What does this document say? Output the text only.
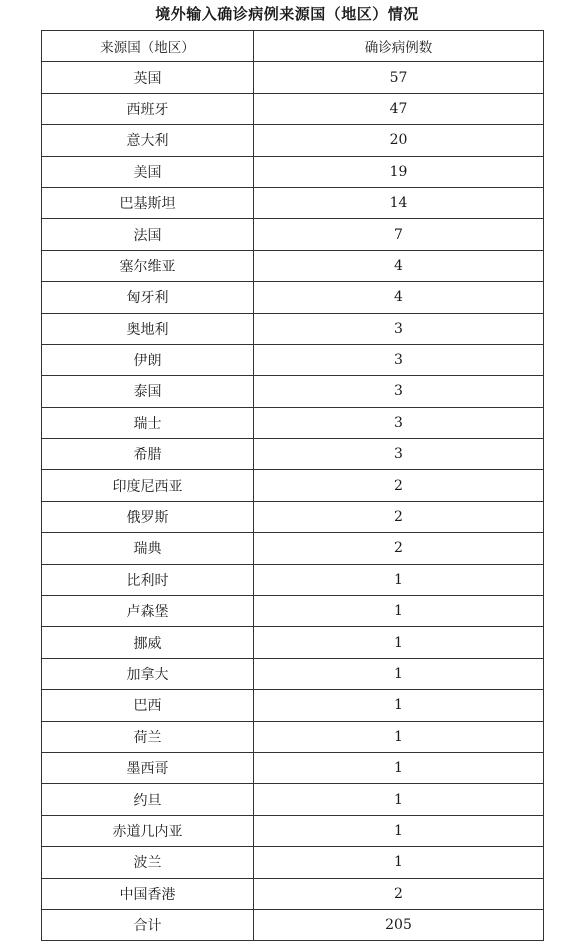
境外输入确诊病例来源国（地区）情况
来源国（地区）	确诊病例数
英国	57
西班牙	47
意大利	20
美国	19
巴基斯坦	14
法国	7
塞尔维亚	4
匈牙利	4
奥地利	3
伊朗	3
泰国	3
瑞士	3
希腊	3
印度尼西亚	2
俄罗斯	2
瑞典	2
比利时	1
卢森堡	1
挪威	1
加拿大	1
巴西	1
荷兰	1
墨西哥	1
约旦	1
赤道几内亚	1
波兰	1
中国香港	2
合计	205
